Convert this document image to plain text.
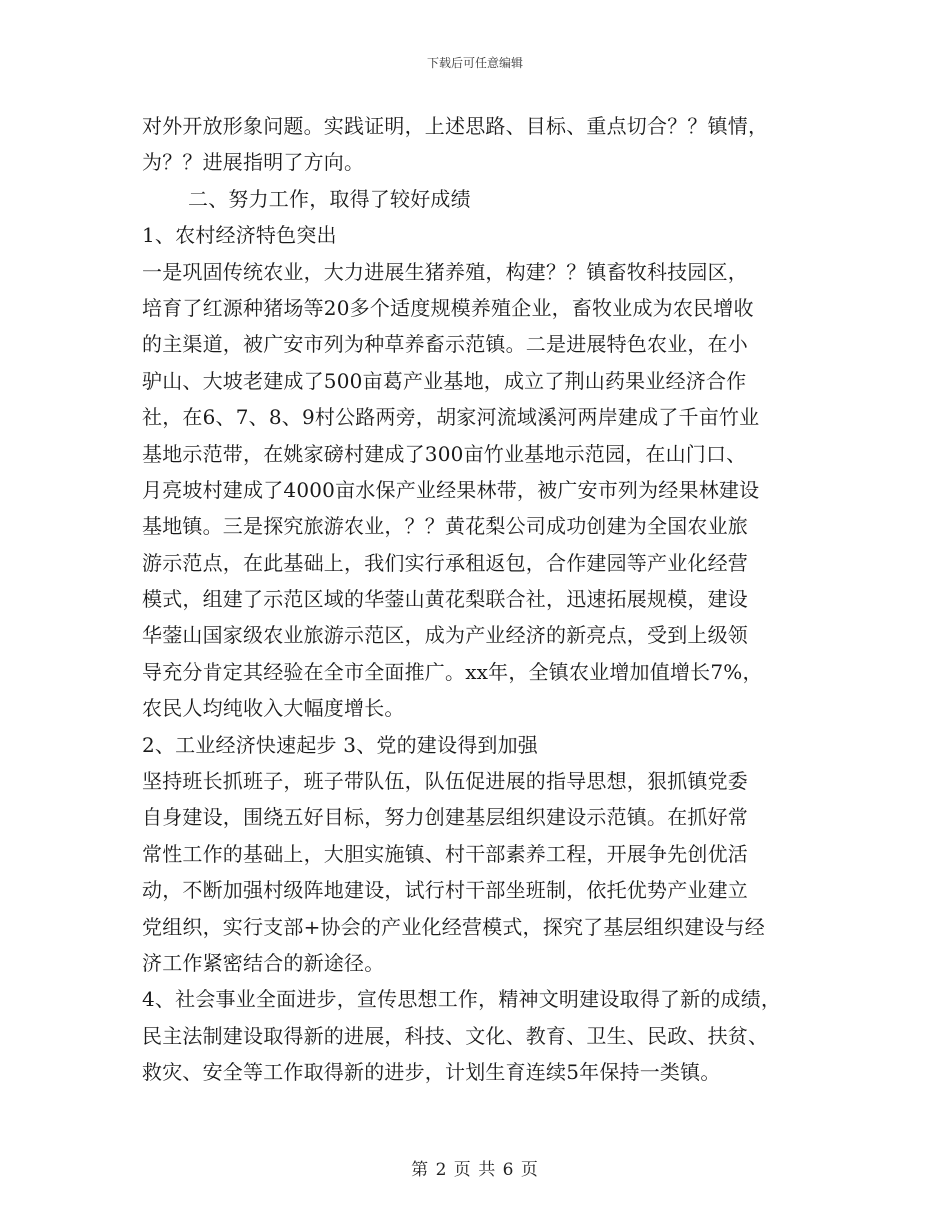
下载后可任意编辑
对外开放形象问题。实践证明，上述思路、目标、重点切合？？镇情，
为？？进展指明了方向。
二、努力工作，取得了较好成绩
1、农村经济特色突出
一是巩固传统农业，大力进展生猪养殖，构建？？镇畜牧科技园区，
培育了红源种猪场等20多个适度规模养殖企业，畜牧业成为农民增收
的主渠道，被广安市列为种草养畜示范镇。二是进展特色农业，在小
驴山、大坡老建成了500亩葛产业基地，成立了荆山药果业经济合作
社，在6、7、8、9村公路两旁，胡家河流域溪河两岸建成了千亩竹业
基地示范带，在姚家磅村建成了300亩竹业基地示范园，在山门口、
月亮坡村建成了4000亩水保产业经果林带，被广安市列为经果林建设
基地镇。三是探究旅游农业，？？黄花梨公司成功创建为全国农业旅
游示范点，在此基础上，我们实行承租返包，合作建园等产业化经营
模式，组建了示范区域的华蓥山黄花梨联合社，迅速拓展规模，建设
华蓥山国家级农业旅游示范区，成为产业经济的新亮点，受到上级领
导充分肯定其经验在全市全面推广。xx年，全镇农业增加值增长7%，
农民人均纯收入大幅度增长。
2、工业经济快速起步 3、党的建设得到加强
坚持班长抓班子，班子带队伍，队伍促进展的指导思想，狠抓镇党委
自身建设，围绕五好目标，努力创建基层组织建设示范镇。在抓好常
常性工作的基础上，大胆实施镇、村干部素养工程，开展争先创优活
动，不断加强村级阵地建设，试行村干部坐班制，依托优势产业建立
党组织，实行支部+协会的产业化经营模式，探究了基层组织建设与经
济工作紧密结合的新途径。
4、社会事业全面进步，宣传思想工作，精神文明建设取得了新的成绩，
民主法制建设取得新的进展，科技、文化、教育、卫生、民政、扶贫、
救灾、安全等工作取得新的进步，计划生育连续5年保持一类镇。
第 2 页 共 6 页
